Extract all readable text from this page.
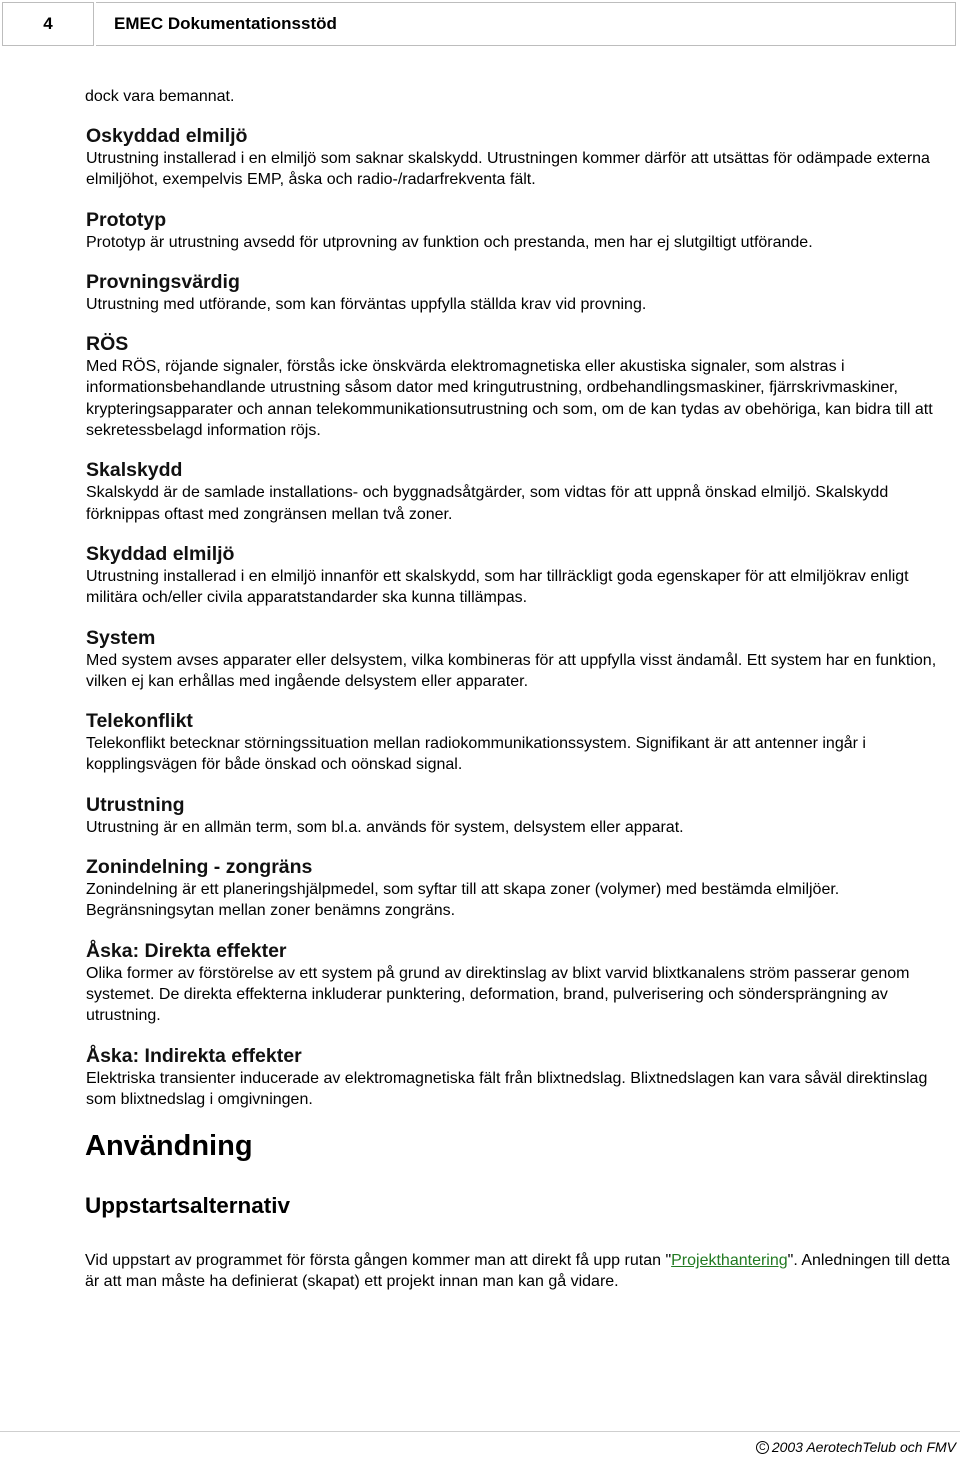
4	EMEC Dokumentationsstöd
dock vara bemannat.
Oskyddad elmiljö
Utrustning installerad i en elmiljö som saknar skalskydd. Utrustningen kommer därför att utsättas för odämpade externa elmiljöhot, exempelvis EMP, åska och radio-/radarfrekventa fält.
Prototyp
Prototyp är utrustning avsedd för utprovning av funktion och prestanda, men har ej slutgiltigt utförande.
Provningsvärdig
Utrustning med utförande, som kan förväntas uppfylla ställda krav vid provning.
RÖS
Med RÖS, röjande signaler, förstås icke önskvärda elektromagnetiska eller akustiska signaler, som alstras i informationsbehandlande utrustning såsom dator med kringutrustning, ordbehandlingsmaskiner, fjärrskrivmaskiner, krypteringsapparater och annan telekommunikationsutrustning och som, om de kan tydas av obehöriga, kan bidra till att sekretessbelagd information röjs.
Skalskydd
Skalskydd är de samlade installations- och byggnadsåtgärder, som vidtas för att uppnå önskad elmiljö. Skalskydd förknippas oftast med zongränsen mellan två zoner.
Skyddad elmiljö
Utrustning installerad i en elmiljö innanför ett skalskydd, som har tillräckligt goda egenskaper för att elmiljökrav enligt militära och/eller civila apparatstandarder ska kunna tillämpas.
System
Med system avses apparater eller delsystem, vilka kombineras för att uppfylla visst ändamål. Ett system har en funktion, vilken ej kan erhållas med ingående delsystem eller apparater.
Telekonflikt
Telekonflikt betecknar störningssituation mellan radiokommunikationssystem. Signifikant är att antenner ingår i kopplingsvägen för både önskad och oönskad signal.
Utrustning
Utrustning är en allmän term, som bl.a. används för system, delsystem eller apparat.
Zonindelning - zongräns
Zonindelning är ett planeringshjälpmedel, som syftar till att skapa zoner (volymer) med bestämda elmiljöer. Begränsningsytan mellan zoner benämns zongräns.
Åska: Direkta effekter
Olika former av förstörelse av ett system på grund av direktinslag av blixt varvid blixtkanalens ström passerar genom systemet. De direkta effekterna inkluderar punktering, deformation, brand, pulverisering och söndersprängning av utrustning.
Åska: Indirekta effekter
Elektriska transienter inducerade av elektromagnetiska fält från blixtnedslag. Blixtnedslagen kan vara såväl direktinslag som blixtnedslag i omgivningen.
Användning
Uppstartsalternativ
Vid uppstart av programmet för första gången kommer man att direkt få upp rutan "Projekthantering". Anledningen till detta är att man måste ha definierat (skapat) ett projekt innan man kan gå vidare.
C 2003 AerotechTelub och FMV
